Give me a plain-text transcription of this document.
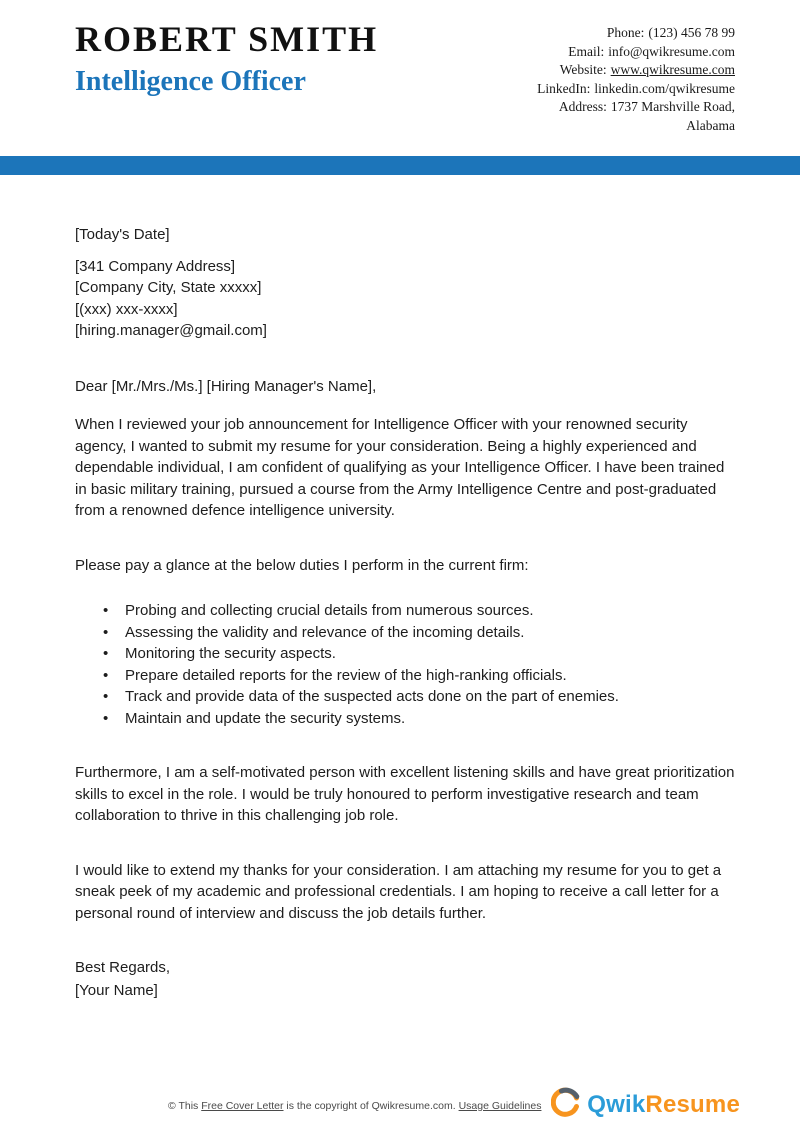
ROBERT SMITH
Intelligence Officer
Phone: (123) 456 78 99
Email: info@qwikresume.com
Website: www.qwikresume.com
LinkedIn: linkedin.com/qwikresume
Address: 1737 Marshville Road,
Alabama

[Today's Date]

[341 Company Address]

[Company City, State xxxxx]

[(xxx) xxx-xxxx]

[hiring.manager@gmail.com]

Dear [Mr./Mrs./Ms.] [Hiring Manager's Name],

When I reviewed your job announcement for Intelligence Officer with your renowned security agency, I wanted to submit my resume for your consideration. Being a highly experienced and dependable individual, I am confident of qualifying as your Intelligence Officer. I have been trained in basic military training, pursued a course from the Army Intelligence Centre and post-graduated from a renowned defence intelligence university.

Please pay a glance at the below duties I perform in the current firm:

• Probing and collecting crucial details from numerous sources.
• Assessing the validity and relevance of the incoming details.
• Monitoring the security aspects.
• Prepare detailed reports for the review of the high-ranking officials.
• Track and provide data of the suspected acts done on the part of enemies.
• Maintain and update the security systems.

Furthermore, I am a self-motivated person with excellent listening skills and have great prioritization skills to excel in the role. I would be truly honoured to perform investigative research and team collaboration to thrive in this challenging job role.

I would like to extend my thanks for your consideration. I am attaching my resume for you to get a sneak peek of my academic and professional credentials. I am hoping to receive a call letter for a personal round of interview and discuss the job details further.

Best Regards,

[Your Name]

© This Free Cover Letter is the copyright of Qwikresume.com. Usage Guidelines QwikResume
